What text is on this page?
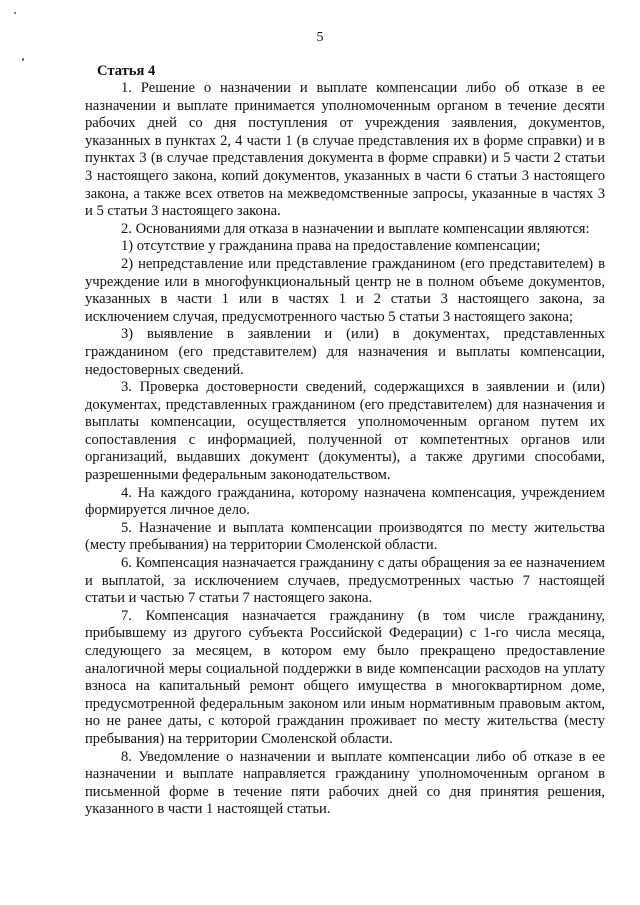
5

Статья 4

1. Решение о назначении и выплате компенсации либо об отказе в ее назначении и выплате принимается уполномоченным органом в течение десяти рабочих дней со дня поступления от учреждения заявления, документов, указанных в пунктах 2, 4 части 1 (в случае представления их в форме справки) и в пунктах 3 (в случае представления документа в форме справки) и 5 части 2 статьи 3 настоящего закона, копий документов, указанных в части 6 статьи 3 настоящего закона, а также всех ответов на межведомственные запросы, указанные в частях 3 и 5 статьи 3 настоящего закона.

2. Основаниями для отказа в назначении и выплате компенсации являются:

1) отсутствие у гражданина права на предоставление компенсации;

2) непредставление или представление гражданином (его представителем) в учреждение или в многофункциональный центр не в полном объеме документов, указанных в части 1 или в частях 1 и 2 статьи 3 настоящего закона, за исключением случая, предусмотренного частью 5 статьи 3 настоящего закона;

3) выявление в заявлении и (или) в документах, представленных гражданином (его представителем) для назначения и выплаты компенсации, недостоверных сведений.

3. Проверка достоверности сведений, содержащихся в заявлении и (или) документах, представленных гражданином (его представителем) для назначения и выплаты компенсации, осуществляется уполномоченным органом путем их сопоставления с информацией, полученной от компетентных органов или организаций, выдавших документ (документы), а также другими способами, разрешенными федеральным законодательством.

4. На каждого гражданина, которому назначена компенсация, учреждением формируется личное дело.

5. Назначение и выплата компенсации производятся по месту жительства (месту пребывания) на территории Смоленской области.

6. Компенсация назначается гражданину с даты обращения за ее назначением и выплатой, за исключением случаев, предусмотренных частью 7 настоящей статьи и частью 7 статьи 7 настоящего закона.

7. Компенсация назначается гражданину (в том числе гражданину, прибывшему из другого субъекта Российской Федерации) с 1-го числа месяца, следующего за месяцем, в котором ему было прекращено предоставление аналогичной меры социальной поддержки в виде компенсации расходов на уплату взноса на капитальный ремонт общего имущества в многоквартирном доме, предусмотренной федеральным законом или иным нормативным правовым актом, но не ранее даты, с которой гражданин проживает по месту жительства (месту пребывания) на территории Смоленской области.

8. Уведомление о назначении и выплате компенсации либо об отказе в ее назначении и выплате направляется гражданину уполномоченным органом в письменной форме в течение пяти рабочих дней со дня принятия решения, указанного в части 1 настоящей статьи.
